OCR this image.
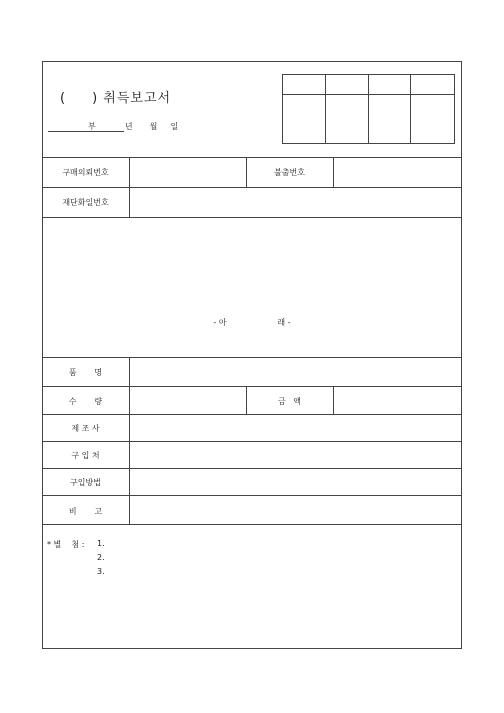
( ) 취득보고서
부	년 월 일
구매의뢰번호	불출번호
재단화일번호
- 아                    래 -
품       명
수       량	금   액
제 조 사
구 입 처
구입방법
비       고
* 별    첨 : 1.
2.
3.
